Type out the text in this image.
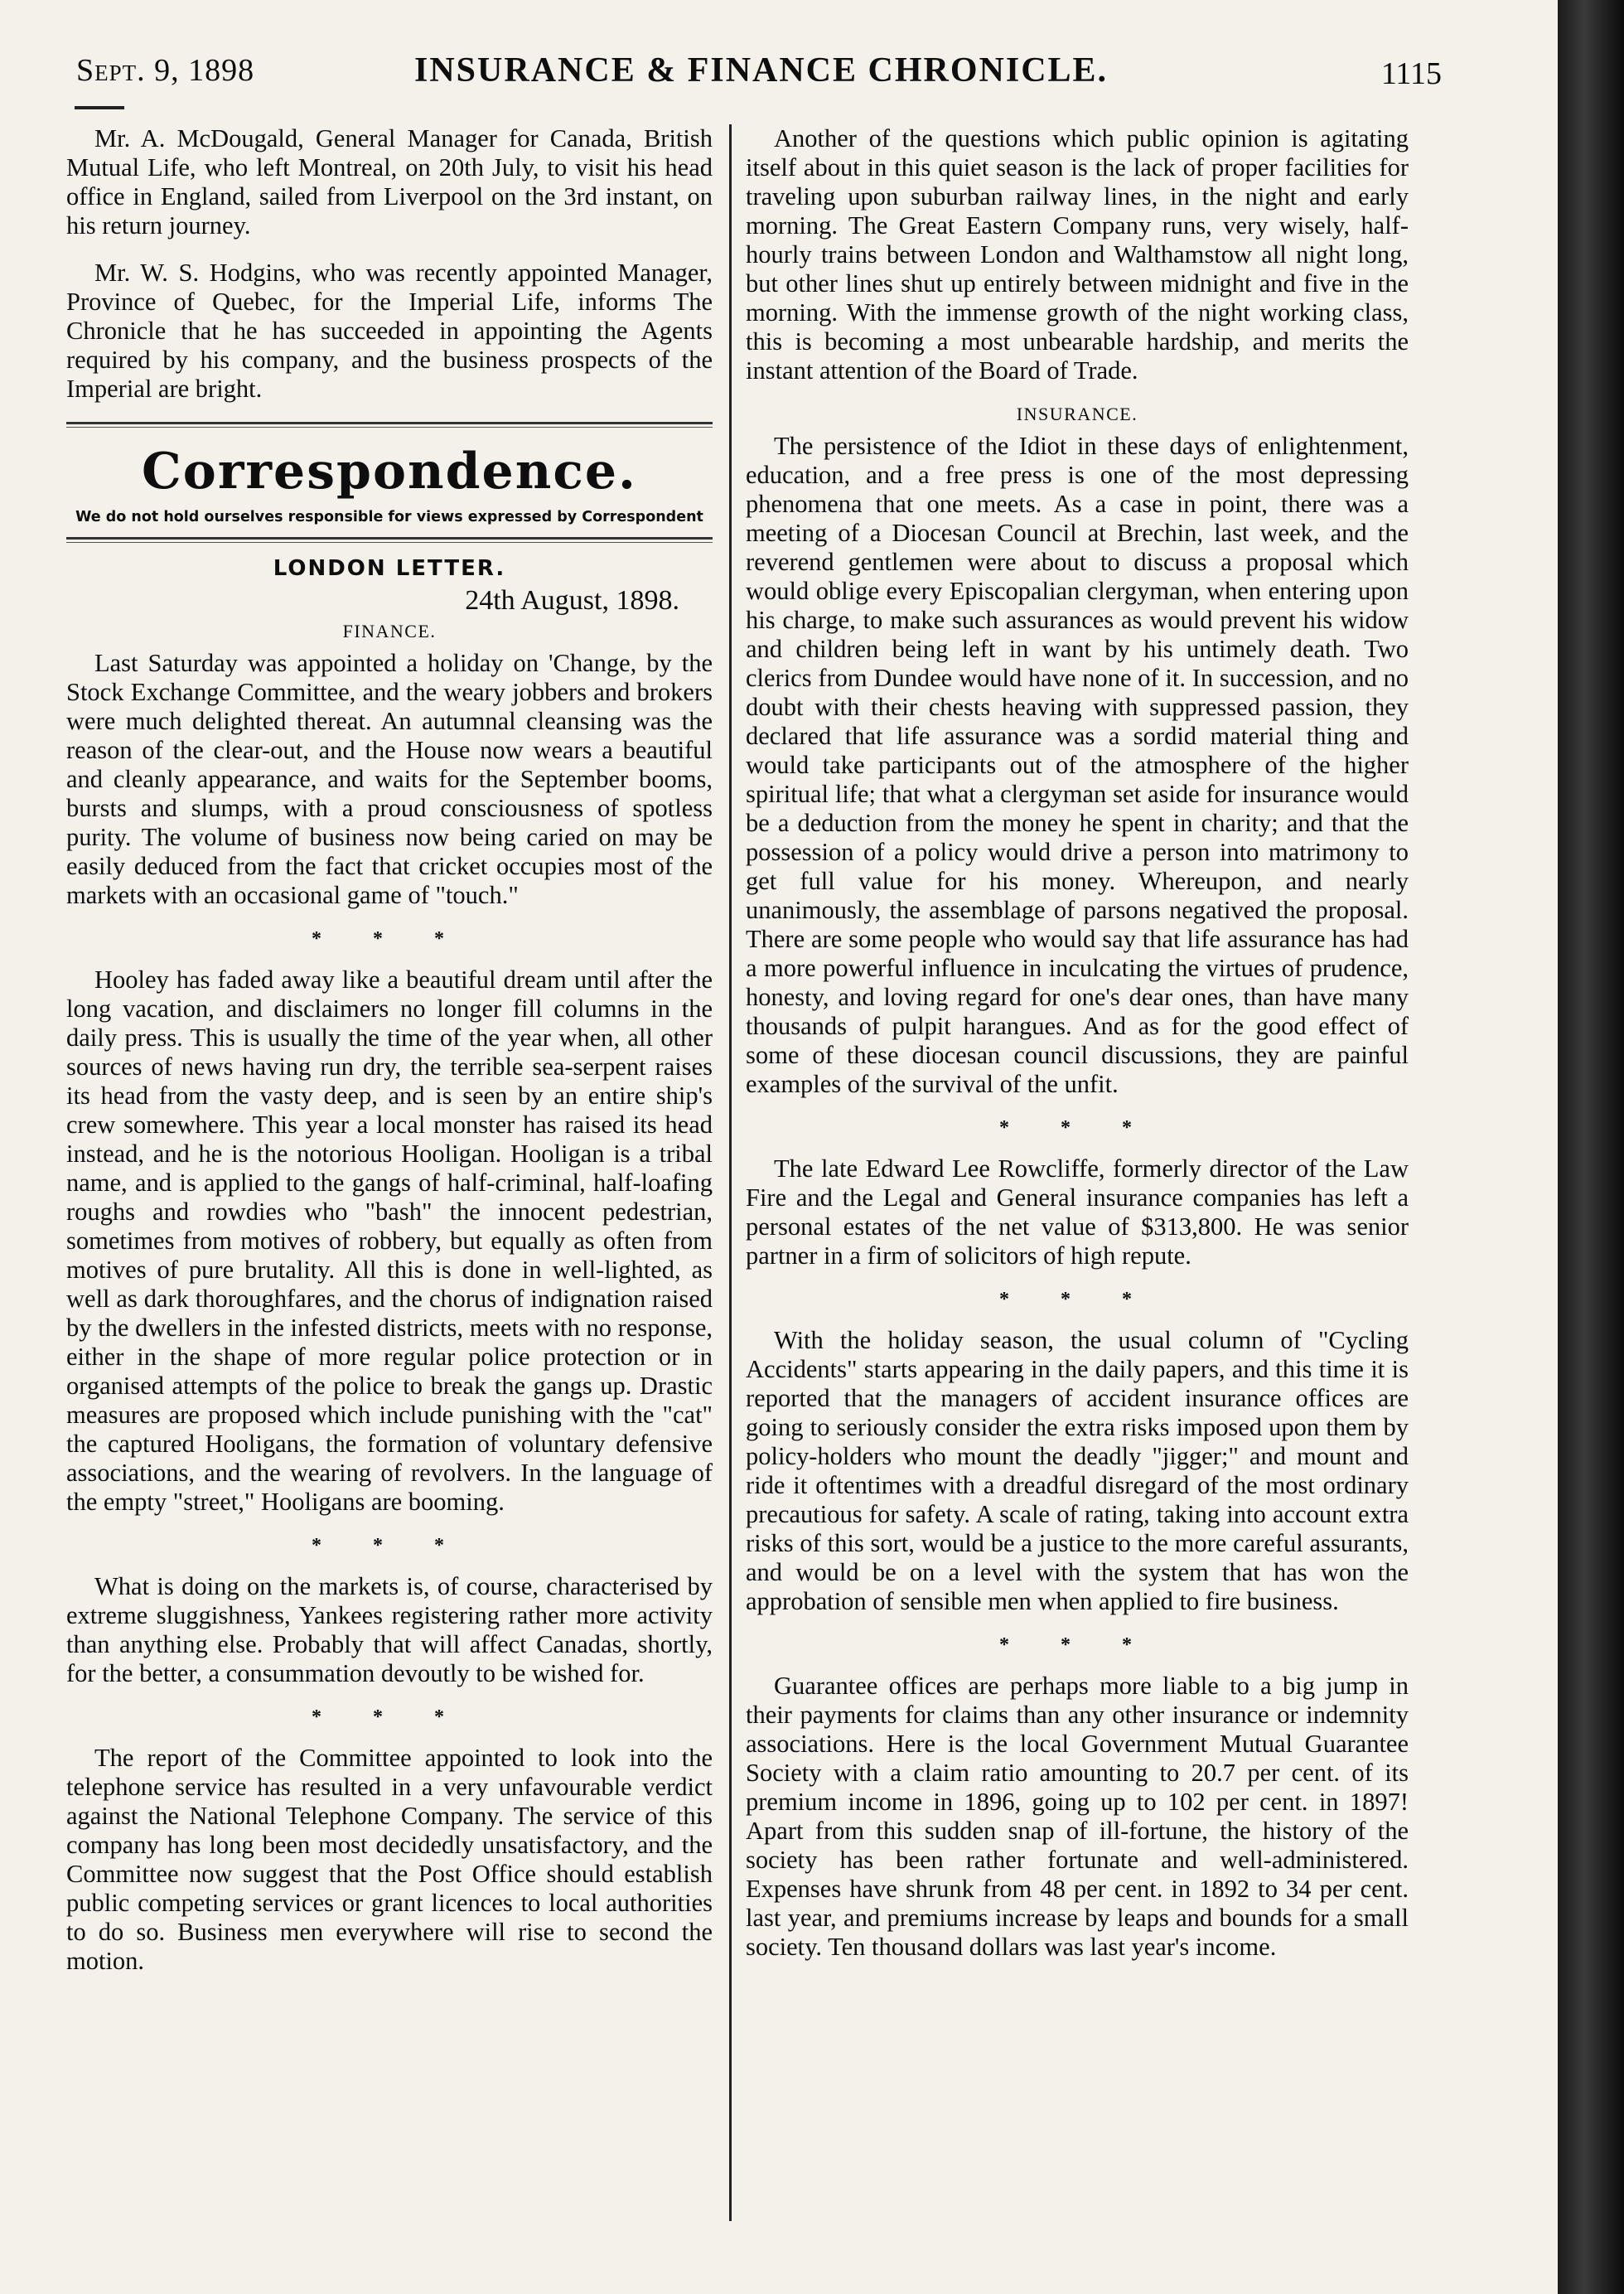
Sept. 9, 1898	INSURANCE & FINANCE CHRONICLE.	1115

Mr. A. McDougald, General Manager for Canada, British Mutual Life, who left Montreal, on 20th July, to visit his head office in England, sailed from Liverpool on the 3rd instant, on his return journey.

Mr. W. S. Hodgins, who was recently appointed Manager, Province of Quebec, for the Imperial Life, informs The Chronicle that he has succeeded in appointing the Agents required by his company, and the business prospects of the Imperial are bright.

Correspondence.
We do not hold ourselves responsible for views expressed by Correspondent
LONDON LETTER.
24th August, 1898.
FINANCE.

Last Saturday was appointed a holiday on 'Change, by the Stock Exchange Committee, and the weary jobbers and brokers were much delighted thereat. An autumnal cleansing was the reason of the clear-out, and the House now wears a beautiful and cleanly appearance, and waits for the September booms, bursts and slumps, with a proud consciousness of spotless purity. The volume of business now being caried on may be easily deduced from the fact that cricket occupies most of the markets with an occasional game of "touch."

* * *

Hooley has faded away like a beautiful dream until after the long vacation, and disclaimers no longer fill columns in the daily press. This is usually the time of the year when, all other sources of news having run dry, the terrible sea-serpent raises its head from the vasty deep, and is seen by an entire ship's crew somewhere. This year a local monster has raised its head instead, and he is the notorious Hooligan. Hooligan is a tribal name, and is applied to the gangs of half-criminal, half-loafing roughs and rowdies who "bash" the innocent pedestrian, sometimes from motives of robbery, but equally as often from motives of pure brutality. All this is done in well-lighted, as well as dark thoroughfares, and the chorus of indignation raised by the dwellers in the infested districts, meets with no response, either in the shape of more regular police protection or in organised attempts of the police to break the gangs up. Drastic measures are proposed which include punishing with the "cat" the captured Hooligans, the formation of voluntary defensive associations, and the wearing of revolvers. In the language of the empty "street," Hooligans are booming.

* * *

What is doing on the markets is, of course, characterised by extreme sluggishness, Yankees registering rather more activity than anything else. Probably that will affect Canadas, shortly, for the better, a consummation devoutly to be wished for.

* * *

The report of the Committee appointed to look into the telephone service has resulted in a very unfavourable verdict against the National Telephone Company. The service of this company has long been most decidedly unsatisfactory, and the Committee now suggest that the Post Office should establish public competing services or grant licences to local authorities to do so. Business men everywhere will rise to second the motion.

Another of the questions which public opinion is agitating itself about in this quiet season is the lack of proper facilities for traveling upon suburban railway lines, in the night and early morning. The Great Eastern Company runs, very wisely, half-hourly trains between London and Walthamstow all night long, but other lines shut up entirely between midnight and five in the morning. With the immense growth of the night working class, this is becoming a most unbearable hardship, and merits the instant attention of the Board of Trade.

INSURANCE.

The persistence of the Idiot in these days of enlightenment, education, and a free press is one of the most depressing phenomena that one meets. As a case in point, there was a meeting of a Diocesan Council at Brechin, last week, and the reverend gentlemen were about to discuss a proposal which would oblige every Episcopalian clergyman, when entering upon his charge, to make such assurances as would prevent his widow and children being left in want by his untimely death. Two clerics from Dundee would have none of it. In succession, and no doubt with their chests heaving with suppressed passion, they declared that life assurance was a sordid material thing and would take participants out of the atmosphere of the higher spiritual life; that what a clergyman set aside for insurance would be a deduction from the money he spent in charity; and that the possession of a policy would drive a person into matrimony to get full value for his money. Whereupon, and nearly unanimously, the assemblage of parsons negatived the proposal. There are some people who would say that life assurance has had a more powerful influence in inculcating the virtues of prudence, honesty, and loving regard for one's dear ones, than have many thousands of pulpit harangues. And as for the good effect of some of these diocesan council discussions, they are painful examples of the survival of the unfit.

* * *

The late Edward Lee Rowcliffe, formerly director of the Law Fire and the Legal and General insurance companies has left a personal estates of the net value of $313,800. He was senior partner in a firm of solicitors of high repute.

* * *

With the holiday season, the usual column of "Cycling Accidents" starts appearing in the daily papers, and this time it is reported that the managers of accident insurance offices are going to seriously consider the extra risks imposed upon them by policy-holders who mount the deadly "jigger;" and mount and ride it oftentimes with a dreadful disregard of the most ordinary precautious for safety. A scale of rating, taking into account extra risks of this sort, would be a justice to the more careful assurants, and would be on a level with the system that has won the approbation of sensible men when applied to fire business.

* * *

Guarantee offices are perhaps more liable to a big jump in their payments for claims than any other insurance or indemnity associations. Here is the local Government Mutual Guarantee Society with a claim ratio amounting to 20.7 per cent. of its premium income in 1896, going up to 102 per cent. in 1897! Apart from this sudden snap of ill-fortune, the history of the society has been rather fortunate and well-administered. Expenses have shrunk from 48 per cent. in 1892 to 34 per cent. last year, and premiums increase by leaps and bounds for a small society. Ten thousand dollars was last year's income.
